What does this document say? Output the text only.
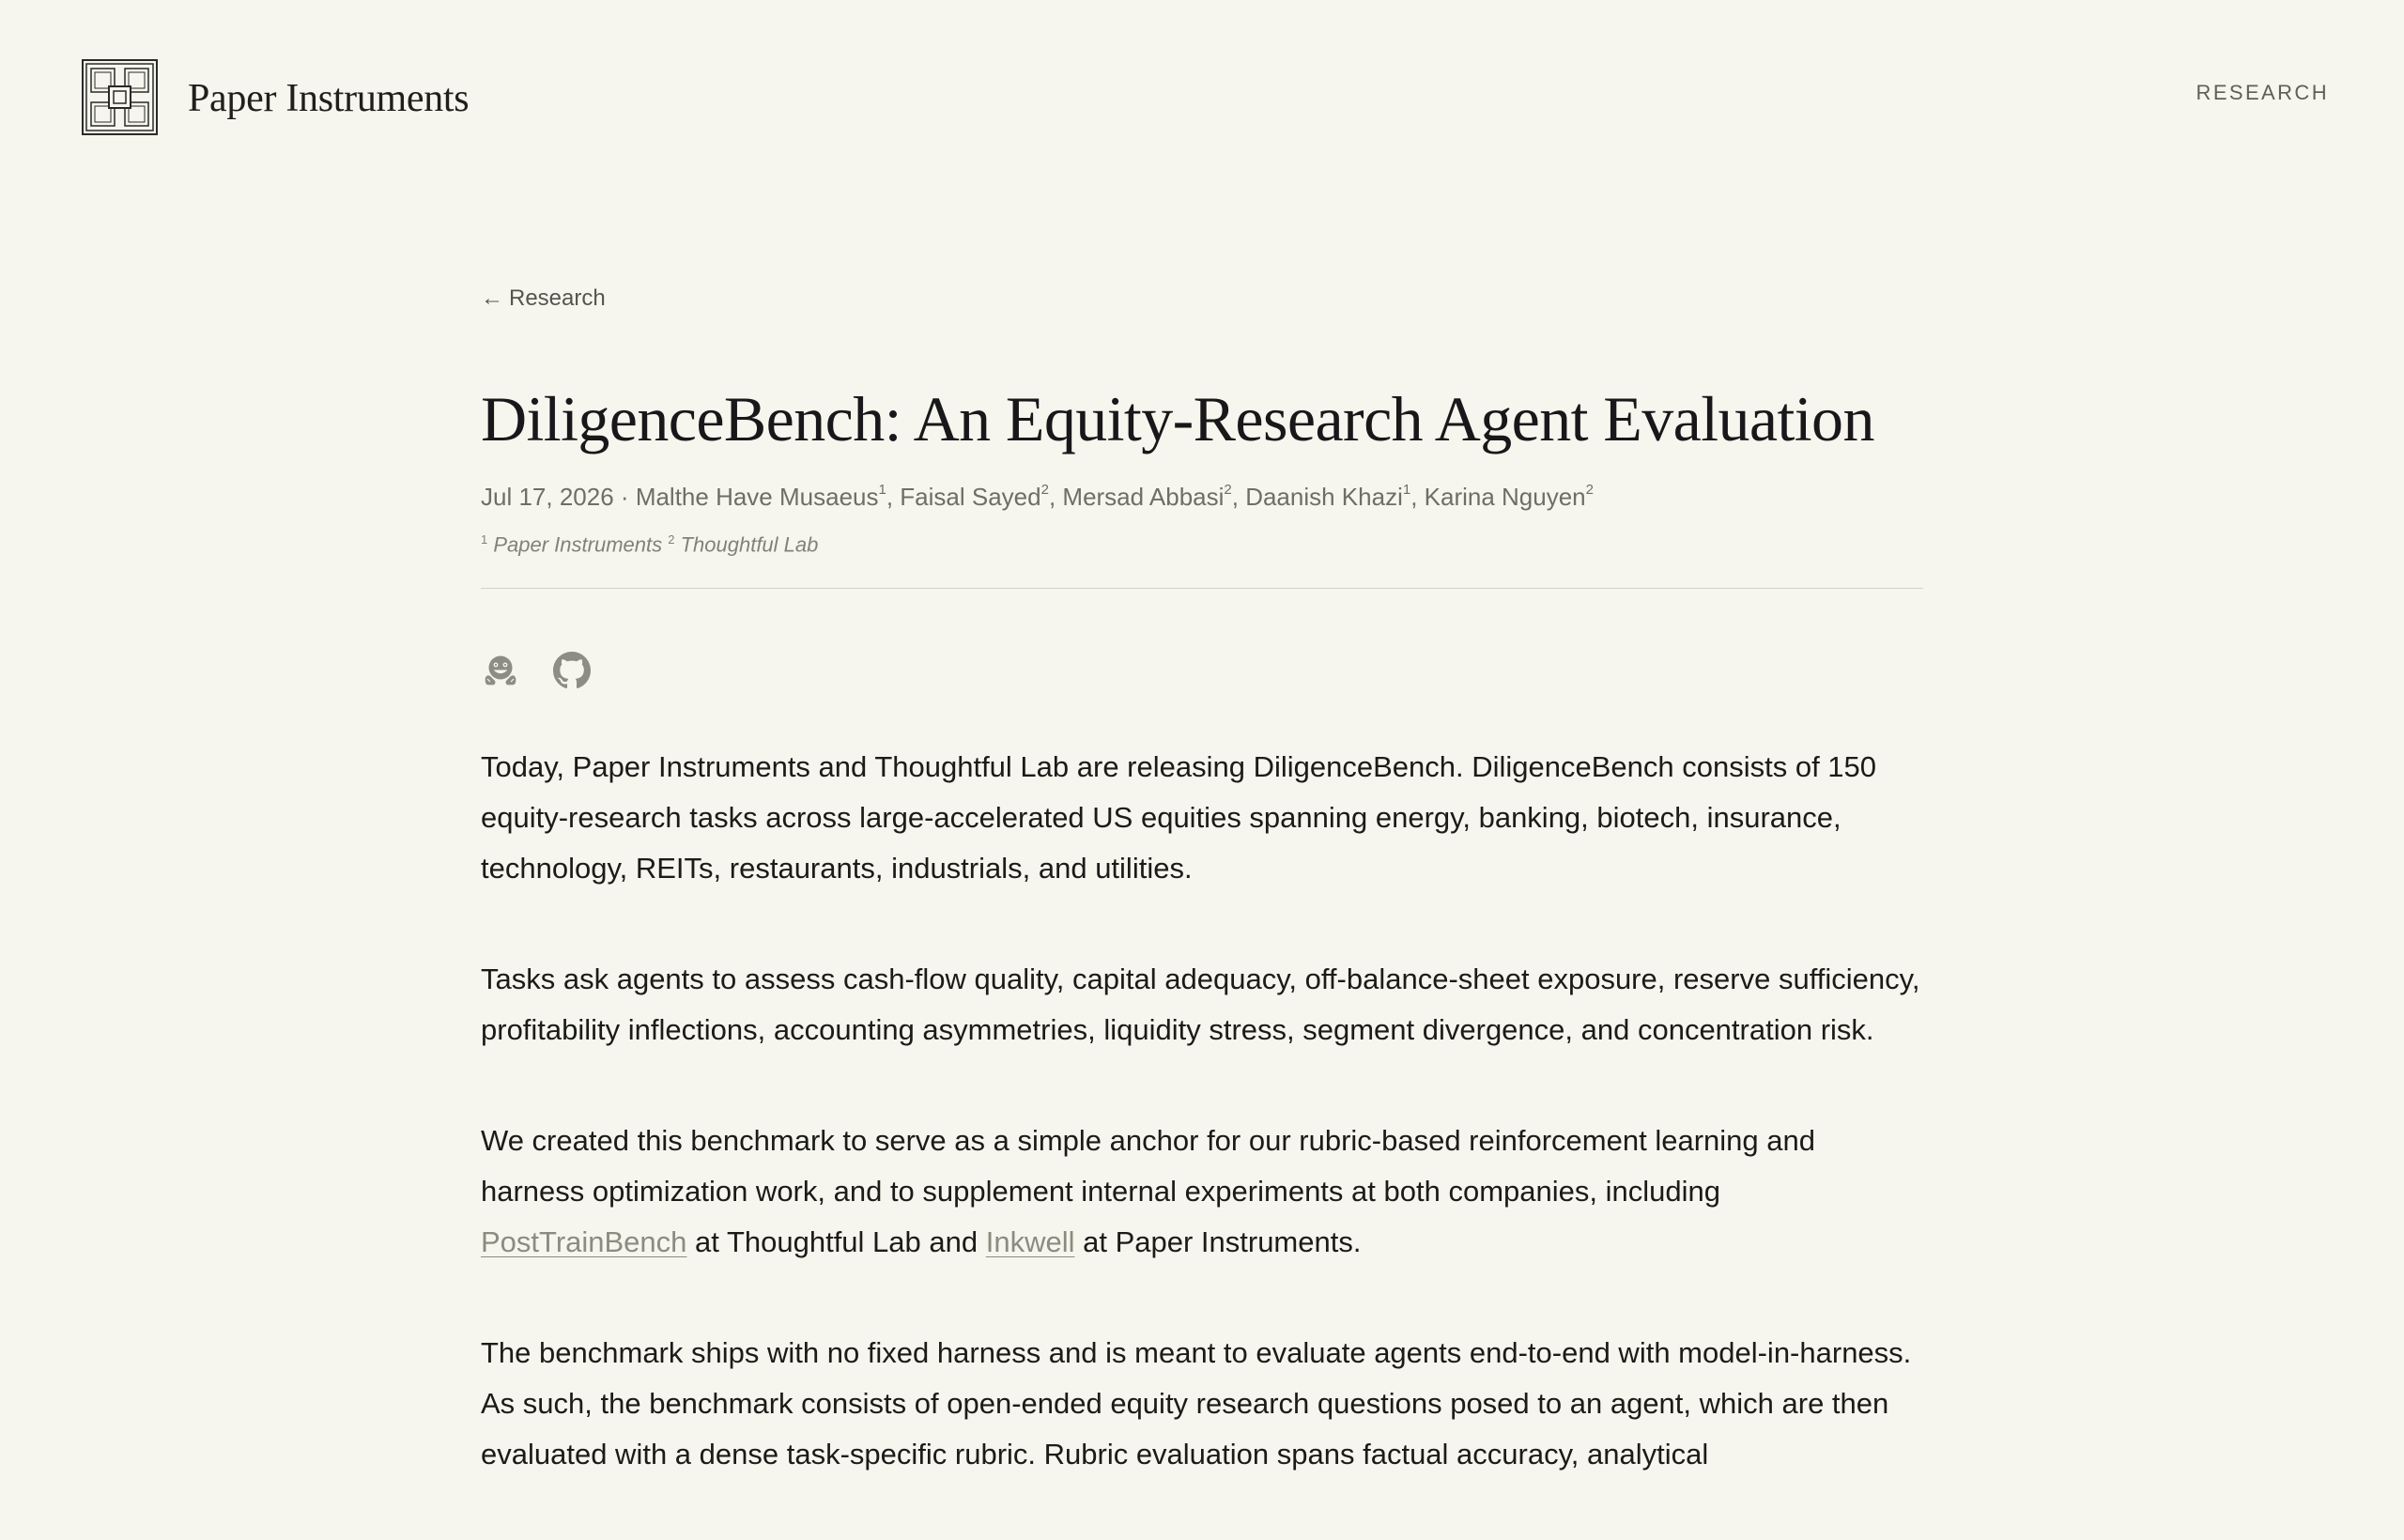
Paper Instruments	RESEARCH
← Research
DiligenceBench: An Equity-Research Agent Evaluation
Jul 17, 2026 · Malthe Have Musaeus$^1$, Faisal Sayed$^2$, Mersad Abbasi$^2$, Daanish Khazi$^1$, Karina Nguyen$^2$
$^1$ Paper Instruments $^2$ Thoughtful Lab

Today, Paper Instruments and Thoughtful Lab are releasing DiligenceBench. DiligenceBench consists of 150 equity-research tasks across large-accelerated US equities spanning energy, banking, biotech, insurance, technology, REITs, restaurants, industrials, and utilities.

Tasks ask agents to assess cash-flow quality, capital adequacy, off-balance-sheet exposure, reserve sufficiency, profitability inflections, accounting asymmetries, liquidity stress, segment divergence, and concentration risk.

We created this benchmark to serve as a simple anchor for our rubric-based reinforcement learning and harness optimization work, and to supplement internal experiments at both companies, including PostTrainBench at Thoughtful Lab and Inkwell at Paper Instruments.

The benchmark ships with no fixed harness and is meant to evaluate agents end-to-end with model-in-harness. As such, the benchmark consists of open-ended equity research questions posed to an agent, which are then evaluated with a dense task-specific rubric. Rubric evaluation spans factual accuracy, analytical
